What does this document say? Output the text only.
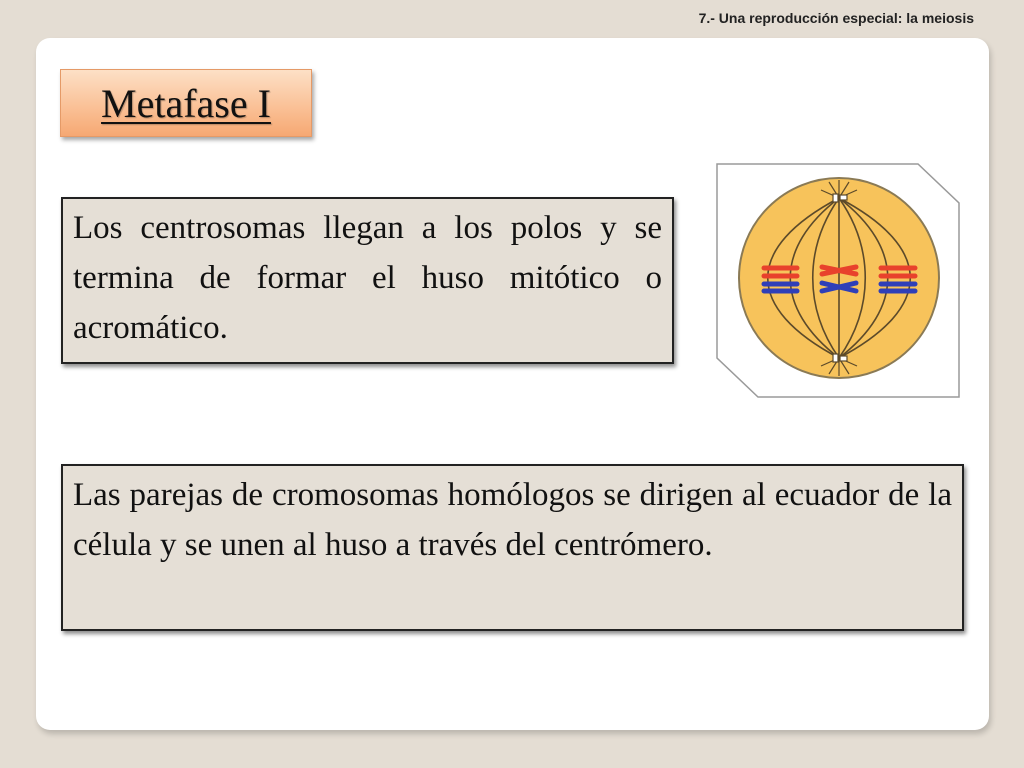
7.- Una reproducción especial: la meiosis
Metafase I
Los centrosomas llegan a los polos y se termina de formar el huso mitótico o acromático.
Las parejas de cromosomas homólogos se dirigen al ecuador de la célula y se unen al huso a través del centrómero.
